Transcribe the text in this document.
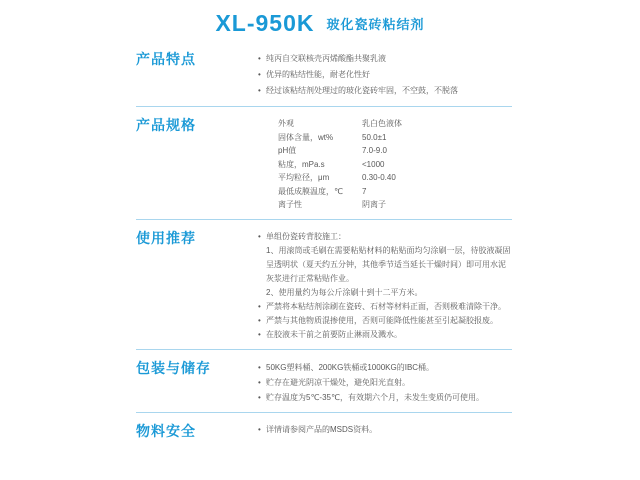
XL-950K 玻化瓷砖粘结剂
产品特点	• 纯丙自交联核壳丙烯酸酯共聚乳液
• 优异的粘结性能，耐老化性好
• 经过该粘结剂处理过的玻化瓷砖牢固，不空鼓，不脱落
产品规格	外观	乳白色液体
固体含量，wt%	50.0±1
pH值	7.0-9.0
粘度，mPa.s	<1000
平均粒径，μm	0.30-0.40
最低成膜温度，℃	7
离子性	阴离子
使用推荐	• 单组份瓷砖背胶施工：
1、用滚筒或毛刷在需要粘贴材料的粘贴面均匀涂刷一层，待胶液凝固呈透明状（夏天约五分钟，其他季节适当延长干燥时间）即可用水泥灰浆进行正常粘贴作业。
2、使用量约为每公斤涂刷十到十二平方米。
• 严禁将本粘结剂涂刷在瓷砖、石材等材料正面，否则极难清除干净。
• 严禁与其他物质混掺使用，否则可能降低性能甚至引起凝胶报废。
• 在胶液未干前之前要防止淋雨及溅水。
包装与储存	• 50KG塑料桶、200KG铁桶或1000KG的IBC桶。
• 贮存在避光阴凉干燥处，避免阳光直射。
• 贮存温度为5℃-35℃，有效期六个月，未发生变质仍可使用。
物料安全	• 详情请参阅产品的MSDS资料。
